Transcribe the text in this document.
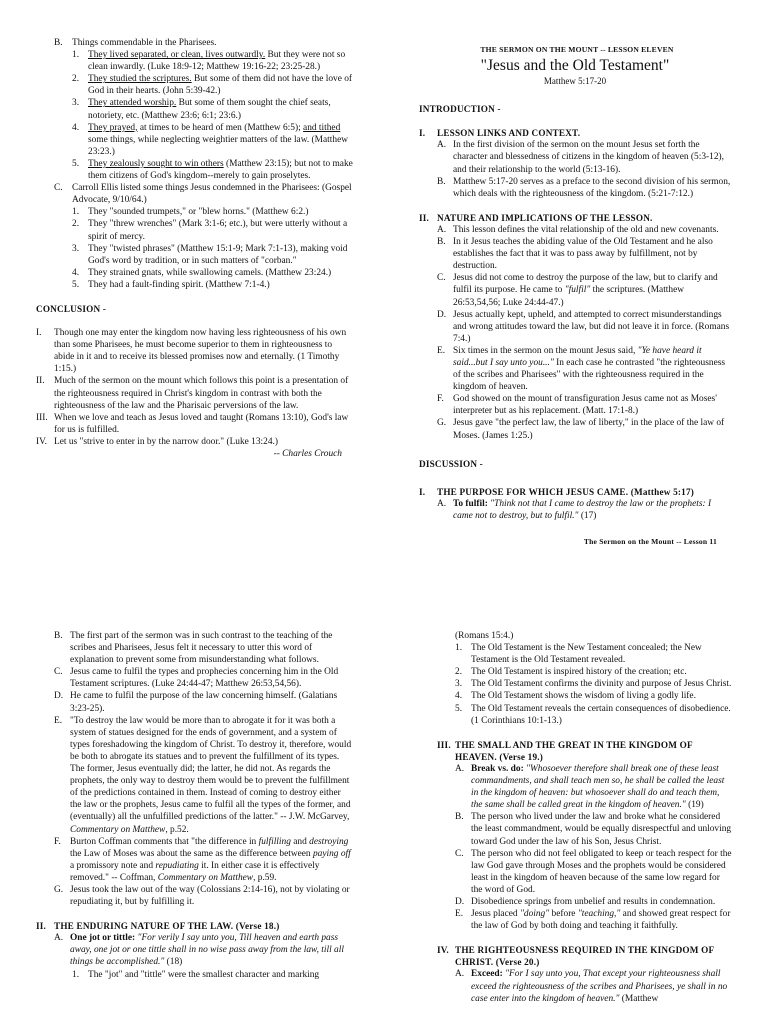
B. Things commendable in the Pharisees.
1. They lived separated, or clean, lives outwardly. But they were not so clean inwardly. (Luke 18:9-12; Matthew 19:16-22; 23:25-28.)
2. They studied the scriptures. But some of them did not have the love of God in their hearts. (John 5:39-42.)
3. They attended worship. But some of them sought the chief seats, notoriety, etc. (Matthew 23:6; 6:1; 23:6.)
4. They prayed, at times to be heard of men (Matthew 6:5); and tithed some things, while neglecting weightier matters of the law. (Matthew 23:23.)
5. They zealously sought to win others (Matthew 23:15); but not to make them citizens of God's kingdom--merely to gain proselytes.
C. Carroll Ellis listed some things Jesus condemned in the Pharisees: (Gospel Advocate, 9/10/64.)
1. They "sounded trumpets," or "blew horns." (Matthew 6:2.)
2. They "threw wrenches" (Mark 3:1-6; etc.), but were utterly without a spirit of mercy.
3. They "twisted phrases" (Matthew 15:1-9; Mark 7:1-13), making void God's word by tradition, or in such matters of "corban."
4. They strained gnats, while swallowing camels. (Matthew 23:24.)
5. They had a fault-finding spirit. (Matthew 7:1-4.)
CONCLUSION -
I.	Though one may enter the kingdom now having less righteousness of his own than some Pharisees, he must become superior to them in righteousness to abide in it and to receive its blessed promises now and eternally. (1 Timothy 1:15.)
II.	Much of the sermon on the mount which follows this point is a presentation of the righteousness required in Christ's kingdom in contrast with both the righteousness of the law and the Pharisaic perversions of the law.
III. When we love and teach as Jesus loved and taught (Romans 13:10), God's law for us is fulfilled.
IV. Let us "strive to enter in by the narrow door." (Luke 13:24.)
-- Charles Crouch
THE SERMON ON THE MOUNT -- LESSON ELEVEN
"Jesus and the Old Testament"
Matthew 5:17-20
INTRODUCTION -
I.	LESSON LINKS AND CONTEXT.
A. In the first division of the sermon on the mount Jesus set forth the character and blessedness of citizens in the kingdom of heaven (5:3-12), and their relationship to the world (5:13-16).
B. Matthew 5:17-20 serves as a preface to the second division of his sermon, which deals with the righteousness of the kingdom. (5:21-7:12.)
II. NATURE AND IMPLICATIONS OF THE LESSON.
A. This lesson defines the vital relationship of the old and new covenants.
B. In it Jesus teaches the abiding value of the Old Testament and he also establishes the fact that it was to pass away by fulfillment, not by destruction.
C. Jesus did not come to destroy the purpose of the law, but to clarify and fulfil its purpose. He came to "fulfil" the scriptures. (Matthew 26:53,54,56; Luke 24:44-47.)
D. Jesus actually kept, upheld, and attempted to correct misunderstandings and wrong attitudes toward the law, but did not leave it in force. (Romans 7:4.)
E. Six times in the sermon on the mount Jesus said, "Ye have heard it said...but I say unto you..." In each case he contrasted "the righteousness of the scribes and Pharisees" with the righteousness required in the kingdom of heaven.
F. God showed on the mount of transfiguration Jesus came not as Moses' interpreter but as his replacement. (Matt. 17:1-8.)
G. Jesus gave "the perfect law, the law of liberty," in the place of the law of Moses. (James 1:25.)
DISCUSSION -
I.	THE PURPOSE FOR WHICH JESUS CAME. (Matthew 5:17)
A. To fulfil: "Think not that I came to destroy the law or the prophets: I came not to destroy, but to fulfil." (17)
The Sermon on the Mount -- Lesson 11
B. The first part of the sermon was in such contrast to the teaching of the scribes and Pharisees, Jesus felt it necessary to utter this word of explanation to prevent some from misunderstanding what follows.
C. Jesus came to fulfil the types and prophecies concerning him in the Old Testament scriptures. (Luke 24:44-47; Matthew 26:53,54,56).
D. He came to fulfil the purpose of the law concerning himself. (Galatians 3:23-25).
E. "To destroy the law would be more than to abrogate it for it was both a system of statues designed for the ends of government, and a system of types foreshadowing the kingdom of Christ. To destroy it, therefore, would be both to abrogate its statues and to prevent the fulfillment of its types. The former, Jesus eventually did; the latter, he did not. As regards the prophets, the only way to destroy them would be to prevent the fulfillment of the predictions contained in them. Instead of coming to destroy either the law or the prophets, Jesus came to fulfil all the types of the former, and (eventually) all the unfulfilled predictions of the latter." -- J.W. McGarvey, Commentary on Matthew, p.52.
F. Burton Coffman comments that "the difference in fulfilling and destroying the Law of Moses was about the same as the difference between paying off a promissory note and repudiating it. In either case it is effectively removed." -- Coffman, Commentary on Matthew, p.59.
G. Jesus took the law out of the way (Colossians 2:14-16), not by violating or repudiating it, but by fulfilling it.
II. THE ENDURING NATURE OF THE LAW. (Verse 18.)
A. One jot or tittle: "For verily I say unto you, Till heaven and earth pass away, one jot or one tittle shall in no wise pass away from the law, till all things be accomplished." (18)
1. The "jot" and "tittle" were the smallest character and marking
(Romans 15:4.)
1. The Old Testament is the New Testament concealed; the New Testament is the Old Testament revealed.
2. The Old Testament is inspired history of the creation; etc.
3. The Old Testament confirms the divinity and purpose of Jesus Christ.
4. The Old Testament shows the wisdom of living a godly life.
5. The Old Testament reveals the certain consequences of disobedience. (1 Corinthians 10:1-13.)
III. THE SMALL AND THE GREAT IN THE KINGDOM OF HEAVEN. (Verse 19.)
A. Break vs. do: "Whosoever therefore shall break one of these least commandments, and shall teach men so, he shall be called the least in the kingdom of heaven: but whosoever shall do and teach them, the same shall be called great in the kingdom of heaven." (19)
B. The person who lived under the law and broke what he considered the least commandment, would be equally disrespectful and unloving toward God under the law of his Son, Jesus Christ.
C. The person who did not feel obligated to keep or teach respect for the law God gave through Moses and the prophets would be considered least in the kingdom of heaven because of the same low regard for the word of God.
D. Disobedience springs from unbelief and results in condemnation.
E. Jesus placed "doing" before "teaching," and showed great respect for the law of God by both doing and teaching it faithfully.
IV. THE RIGHTEOUSNESS REQUIRED IN THE KINGDOM OF CHRIST. (Verse 20.)
A. Exceed: "For I say unto you, That except your righteousness shall exceed the righteousness of the scribes and Pharisees, ye shall in no case enter into the kingdom of heaven." (Matthew
